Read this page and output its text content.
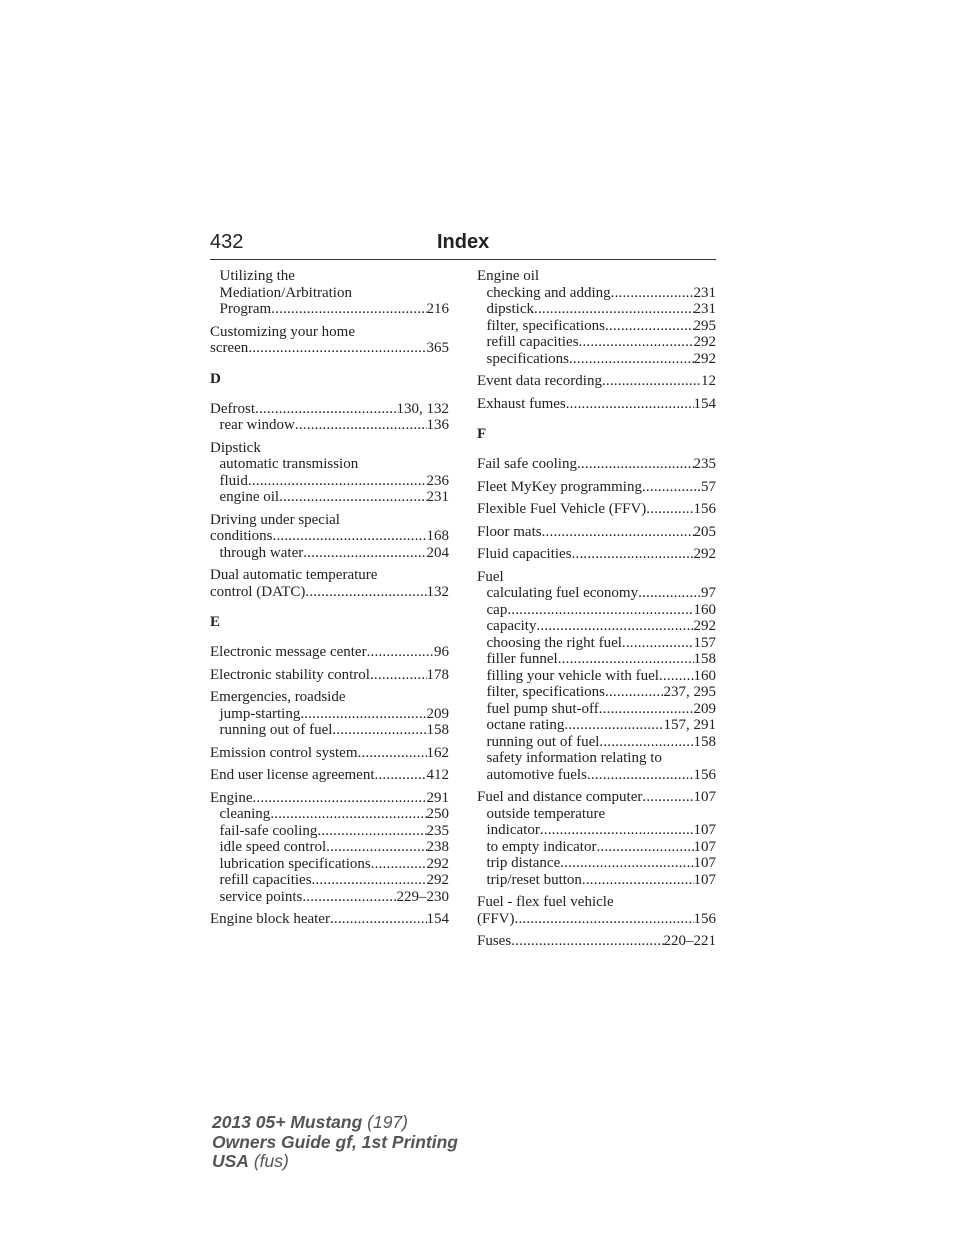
432	Index
Utilizing the
Mediation/Arbitration
Program .....	216
Customizing your home
screen .....	365
D
Defrost .....	130, 132
rear window .....	136
Dipstick
automatic transmission
fluid .....	236
engine oil .....	231
Driving under special
conditions .....	168
through water .....	204
Dual automatic temperature
control (DATC) .....	132
E
Electronic message center .....	96
Electronic stability control .....	178
Emergencies, roadside
jump-starting .....	209
running out of fuel .....	158
Emission control system .....	162
End user license agreement .....	412
Engine .....	291
cleaning .....	250
fail-safe cooling .....	235
idle speed control .....	238
lubrication specifications .....	292
refill capacities .....	292
service points .....	229–230
Engine block heater .....	154
Engine oil
checking and adding .....	231
dipstick .....	231
filter, specifications .....	295
refill capacities .....	292
specifications .....	292
Event data recording .....	12
Exhaust fumes .....	154
F
Fail safe cooling .....	235
Fleet MyKey programming .....	57
Flexible Fuel Vehicle (FFV) .....	156
Floor mats .....	205
Fluid capacities .....	292
Fuel
calculating fuel economy .....	97
cap .....	160
capacity .....	292
choosing the right fuel .....	157
filler funnel .....	158
filling your vehicle with fuel ..... 160
filter, specifications .....	237, 295
fuel pump shut-off .....	209
octane rating .....	157, 291
running out of fuel .....	158
safety information relating to
automotive fuels .....	156
Fuel and distance computer .....	107
outside temperature
indicator .....	107
to empty indicator .....	107
trip distance .....	107
trip/reset button .....	107
Fuel - flex fuel vehicle
(FFV) .....	156
Fuses .....	220–221
2013 05+ Mustang (197)
Owners Guide gf, 1st Printing
USA (fus)
